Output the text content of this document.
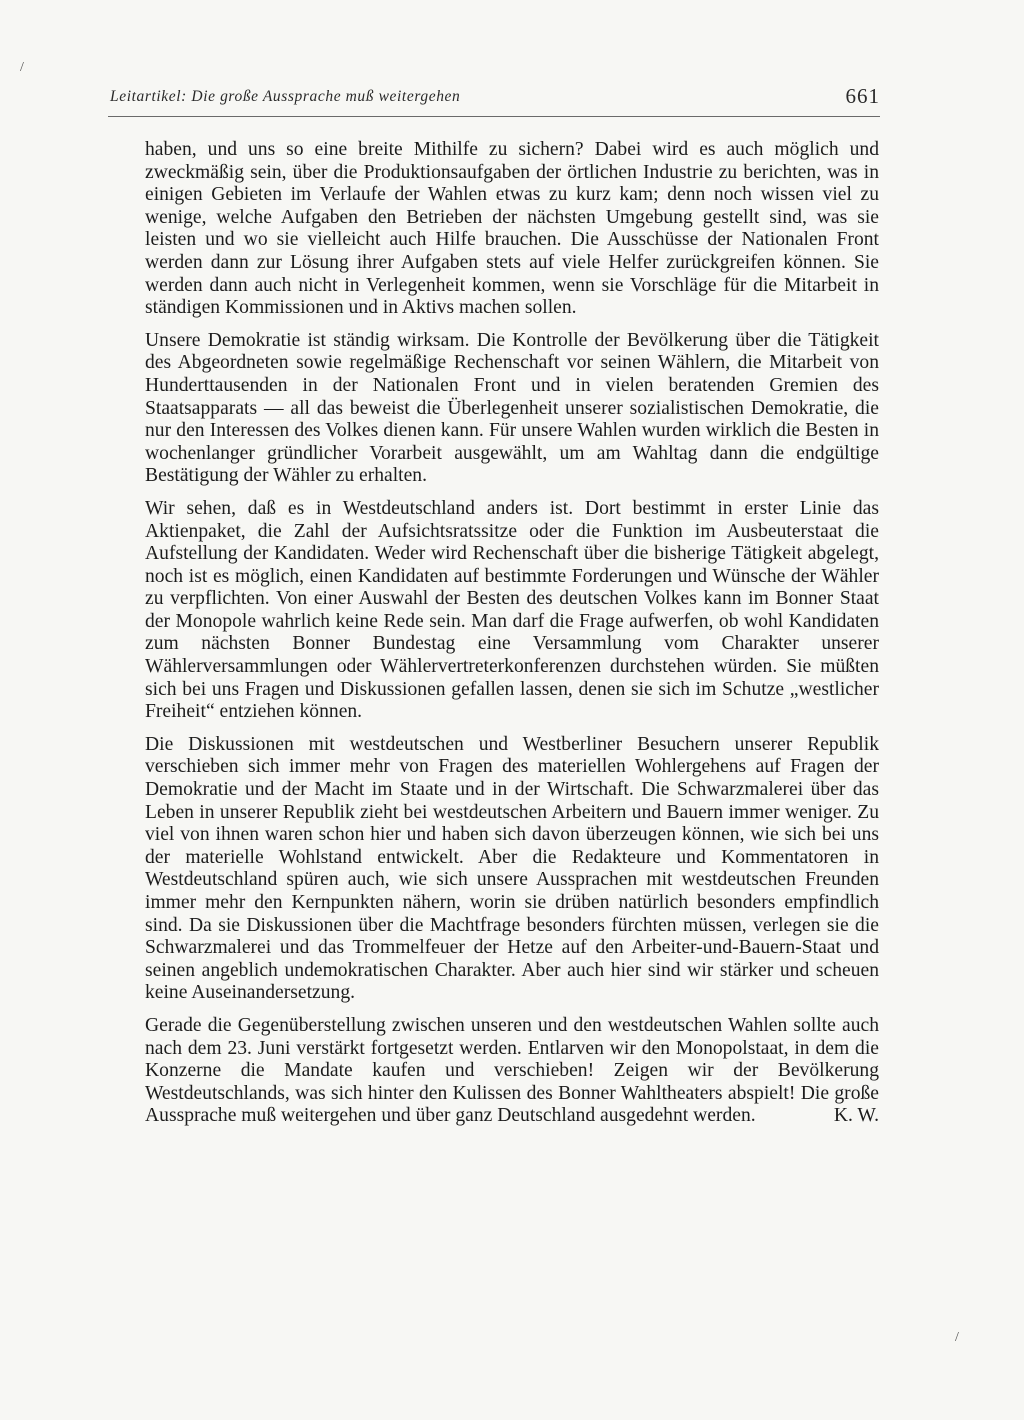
Leitartikel: Die große Aussprache muß weitergehen	661

haben, und uns so eine breite Mithilfe zu sichern? Dabei wird es auch möglich und zweckmäßig sein, über die Produktionsaufgaben der örtlichen Industrie zu berichten, was in einigen Gebieten im Verlaufe der Wahlen etwas zu kurz kam; denn noch wissen viel zu wenige, welche Aufgaben den Betrieben der nächsten Umgebung gestellt sind, was sie leisten und wo sie vielleicht auch Hilfe brauchen. Die Ausschüsse der Nationalen Front werden dann zur Lösung ihrer Aufgaben stets auf viele Helfer zurückgreifen können. Sie werden dann auch nicht in Verlegenheit kommen, wenn sie Vorschläge für die Mitarbeit in ständigen Kommissionen und in Aktivs machen sollen.

Unsere Demokratie ist ständig wirksam. Die Kontrolle der Bevölkerung über die Tätigkeit des Abgeordneten sowie regelmäßige Rechenschaft vor seinen Wählern, die Mitarbeit von Hunderttausenden in der Nationalen Front und in vielen beratenden Gremien des Staatsapparats — all das beweist die Überlegenheit unserer sozialistischen Demokratie, die nur den Interessen des Volkes dienen kann. Für unsere Wahlen wurden wirklich die Besten in wochenlanger gründlicher Vorarbeit ausgewählt, um am Wahltag dann die endgültige Bestätigung der Wähler zu erhalten.

Wir sehen, daß es in Westdeutschland anders ist. Dort bestimmt in erster Linie das Aktienpaket, die Zahl der Aufsichtsratssitze oder die Funktion im Ausbeuterstaat die Aufstellung der Kandidaten. Weder wird Rechenschaft über die bisherige Tätigkeit abgelegt, noch ist es möglich, einen Kandidaten auf bestimmte Forderungen und Wünsche der Wähler zu verpflichten. Von einer Auswahl der Besten des deutschen Volkes kann im Bonner Staat der Monopole wahrlich keine Rede sein. Man darf die Frage aufwerfen, ob wohl Kandidaten zum nächsten Bonner Bundestag eine Versammlung vom Charakter unserer Wählerversammlungen oder Wählervertreterkonferenzen durchstehen würden. Sie müßten sich bei uns Fragen und Diskussionen gefallen lassen, denen sie sich im Schutze „westlicher Freiheit“ entziehen können.

Die Diskussionen mit westdeutschen und Westberliner Besuchern unserer Republik verschieben sich immer mehr von Fragen des materiellen Wohlergehens auf Fragen der Demokratie und der Macht im Staate und in der Wirtschaft. Die Schwarzmalerei über das Leben in unserer Republik zieht bei westdeutschen Arbeitern und Bauern immer weniger. Zu viel von ihnen waren schon hier und haben sich davon überzeugen können, wie sich bei uns der materielle Wohlstand entwickelt. Aber die Redakteure und Kommentatoren in Westdeutschland spüren auch, wie sich unsere Aussprachen mit westdeutschen Freunden immer mehr den Kernpunkten nähern, worin sie drüben natürlich besonders empfindlich sind. Da sie Diskussionen über die Machtfrage besonders fürchten müssen, verlegen sie die Schwarzmalerei und das Trommelfeuer der Hetze auf den Arbeiter-und-Bauern-Staat und seinen angeblich undemokratischen Charakter. Aber auch hier sind wir stärker und scheuen keine Auseinandersetzung.

Gerade die Gegenüberstellung zwischen unseren und den westdeutschen Wahlen sollte auch nach dem 23. Juni verstärkt fortgesetzt werden. Entlarven wir den Monopolstaat, in dem die Konzerne die Mandate kaufen und verschieben! Zeigen wir der Bevölkerung Westdeutschlands, was sich hinter den Kulissen des Bonner Wahltheaters abspielt! Die große Aussprache muß weitergehen und über ganz Deutschland ausgedehnt werden.	K. W.

/
/
